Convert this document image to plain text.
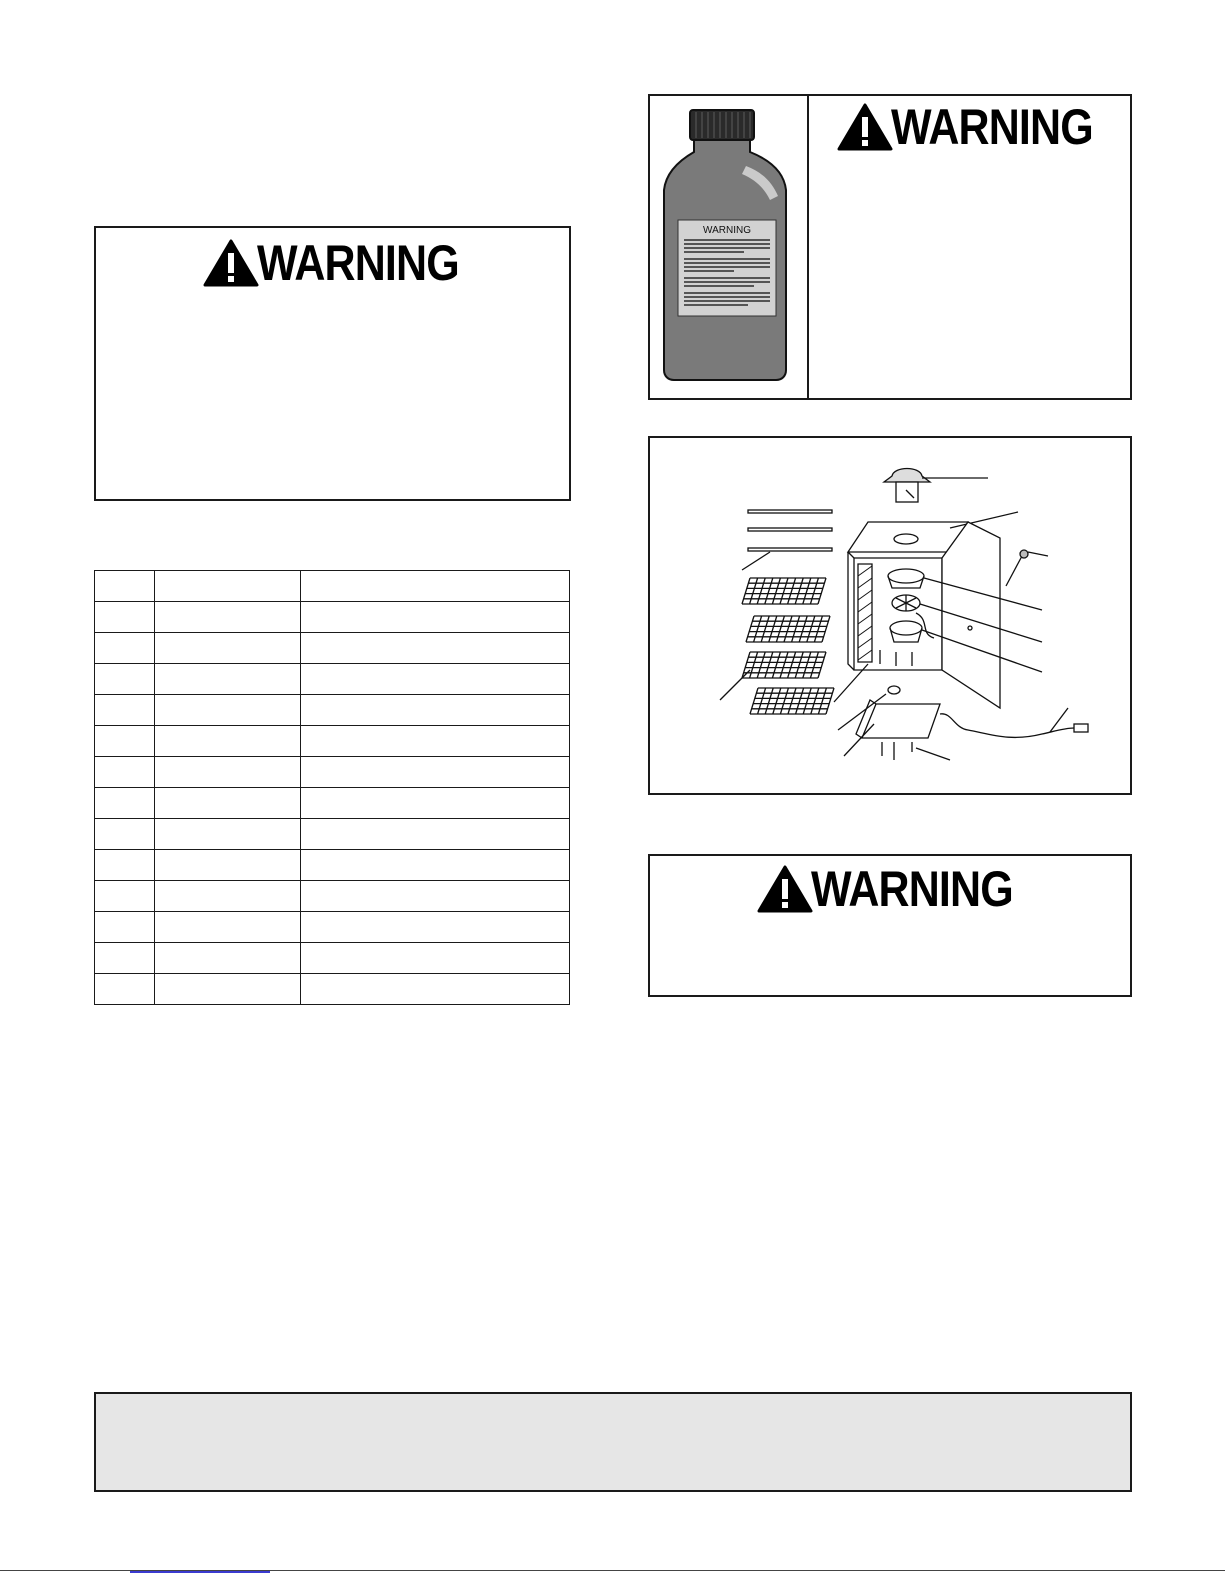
WARNING

WARNING
WARNING
WARNING
